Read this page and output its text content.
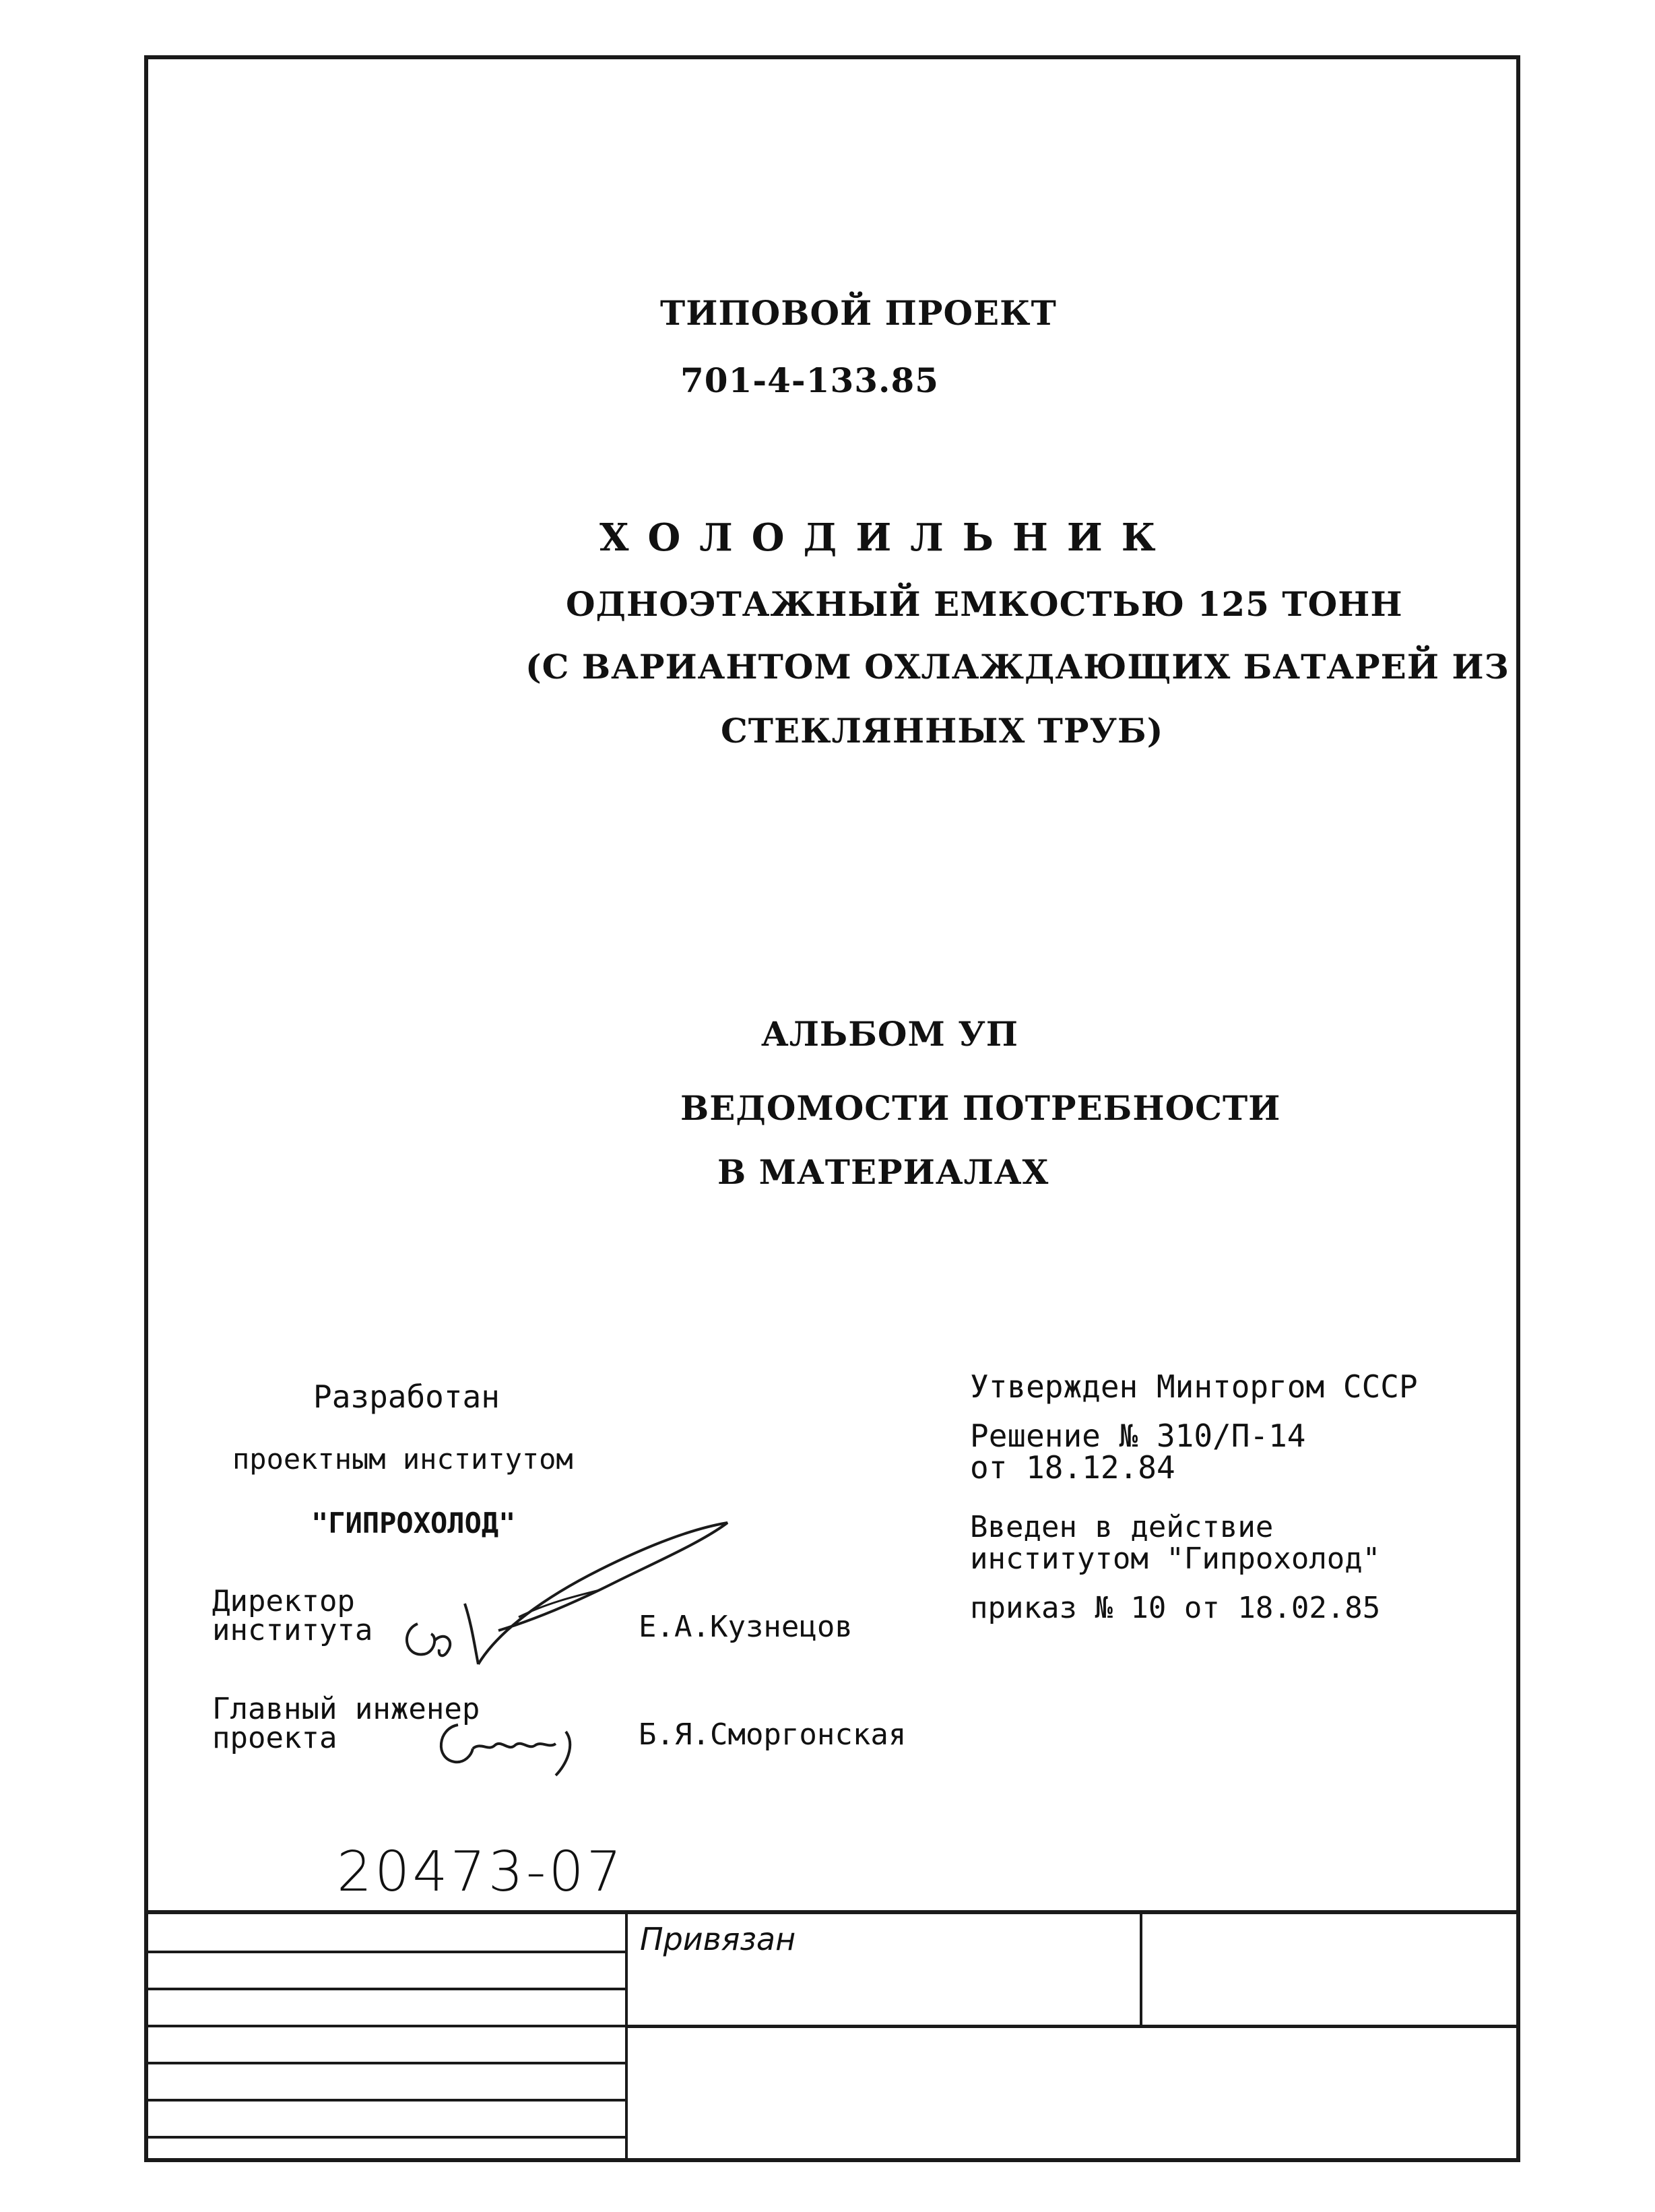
ТИПОВОЙ ПРОЕКТ
701-4-133.85
ХОЛОДИЛЬНИК
ОДНОЭТАЖНЫЙ ЕМКОСТЬЮ 125 ТОНН
(С ВАРИАНТОМ ОХЛАЖДАЮЩИХ БАТАРЕЙ ИЗ
СТЕКЛЯННЫХ ТРУБ)
АЛЬБОМ УП
ВЕДОМОСТИ ПОТРЕБНОСТИ
В МАТЕРИАЛАХ
Разработан
проектным институтом
"ГИПРОХОЛОД"
Директор
института	Е.А.Кузнецов
Главный инженер
проекта	Б.Я.Сморгонская
Утвержден Минторгом СССР
Решение № 310/П-14
от 18.12.84
Введен в действие
институтом "Гипрохолод"
приказ № 10 от 18.02.85
20473-07
Привязан
